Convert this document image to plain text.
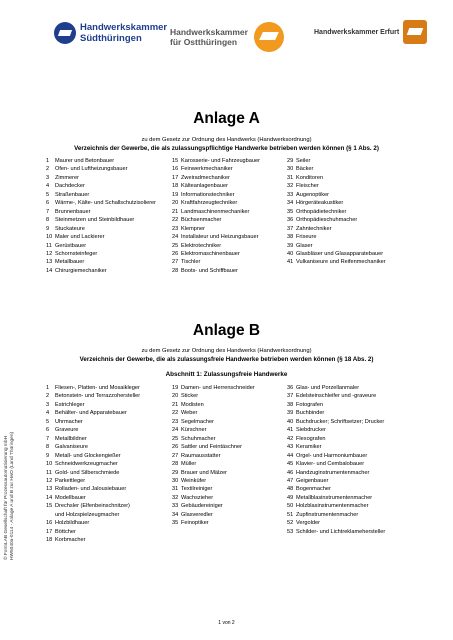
Handwerkskammer
Südthüringen
Handwerkskammer
für Ostthüringen
Handwerkskammer Erfurt
Anlage A
zu dem Gesetz zur Ordnung des Handwerks (Handwerksordnung)
Verzeichnis der Gewerbe, die als zulassungspflichtige Handwerke betrieben werden können (§ 1 Abs. 2)
1	Maurer und Betonbauer
2	Ofen- und Luftheizungsbauer
3	Zimmerer
4	Dachdecker
5	Straßenbauer
6	Wärme-, Kälte- und Schallschutzisolierer
7	Brunnenbauer
8	Steinmetzen und Steinbildhauer
9	Stuckateure
10 Maler und Lackierer
11 Gerüstbauer
12 Schornsteinfeger
13 Metallbauer
14 Chirurgiemechaniker
15 Karosserie- und Fahrzeugbauer
16 Feinwerkmechaniker
17 Zweiradmechaniker
18 Kälteanlagenbauer
19 Informationstechniker
20 Kraftfahrzeugtechniker
21 Landmaschinenmechaniker
22 Büchsenmacher
23 Klempner
24 Installateur und Heizungsbauer
25 Elektrotechniker
26 Elektromaschinenbauer
27 Tischler
28 Boots- und Schiffbauer
29 Seiler
30 Bäcker
31 Konditoren
32 Fleischer
33 Augenoptiker
34 Hörgeräteakustiker
35 Orthopädietechniker
36 Orthopädieschuhmacher
37 Zahntechniker
38 Friseure
39 Glaser
40 Glasbläser und Glasapparatebauer
41 Vulkaniseure und Reifenmechaniker
Anlage B
zu dem Gesetz zur Ordnung des Handwerks (Handwerksordnung)
Verzeichnis der Gewerbe, die als zulassungsfreie Handwerke betrieben werden können (§ 18 Abs. 2)
Abschnitt 1: Zulassungsfreie Handwerke
1	Fliesen-, Platten- und Mosaikleger
2	Betonstein- und Terrazzohersteller
3	Estrichleger
4	Behälter- und Apparatebauer
5	Uhrmacher
6	Graveure
7	Metallbildner
8	Galvaniseure
9	Metall- und Glockengießer
10 Schneidwerkzeugmacher
11 Gold- und Silberschmiede
12 Parkettleger
13 Rolladen- und Jalousiebauer
14 Modellbauer
15 Drechsler (Elfenbeinschnitzer)
und Holzspielzeugmacher
16 Holzbildhauer
17 Böttcher
18 Korbmacher
19 Damen- und Herrenschneider
20 Sticker
21 Modisten
22 Weber
23 Segelmacher
24 Kürschner
25 Schuhmacher
26 Sattler und Feintäschner
27 Raumausstatter
28 Müller
29 Brauer und Mälzer
30 Weinküfer
31 Textilreiniger
32 Wachszieher
33 Gebäudereiniger
34 Glasveredler
35 Feinoptiker
36 Glas- und Porzellanmaler
37 Edelsteinschleifer und -graveure
38 Fotografen
39 Buchbinder
40 Buchdrucker; Schriftsetzer; Drucker
41 Siebdrucker
42 Flexografen
43 Keramiker
44 Orgel- und Harmoniumbauer
45 Klavier- und Cembalobauer
46 Handzuginstrumentenmacher
47 Geigenbauer
48 Bogenmacher
49 Metallblasinstrumentenmacher
50 Holzblasinstrumentenmacher
51 Zupfinstrumentenmacher
52 Vergolder
53 Schilder- und Lichtreklamehersteller
© FormLAB Gesellschaft für Prozessautomatisierung mbH HW5040a-0114 - Anlage A und B zur HwO (Land Thüringen)
1 von 2
